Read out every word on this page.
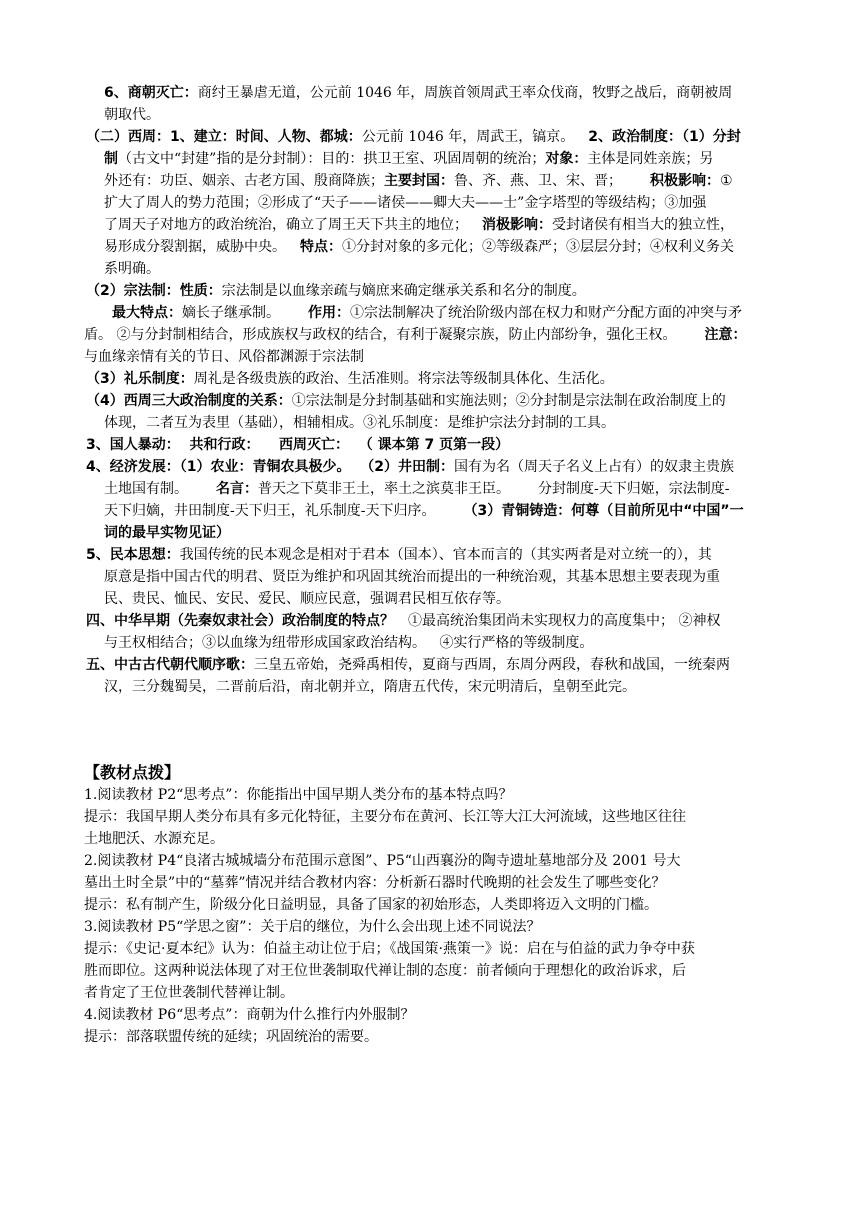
6、商朝灭亡：商纣王暴虐无道，公元前 1046 年，周族首领周武王率众伐商，牧野之战后，商朝被周
朝取代。
（二）西周：1、建立：时间、人物、都城：公元前 1046 年，周武王，镐京。 2、政治制度：（1）分封
制（古文中“封建”指的是分封制）：目的：拱卫王室、巩固周朝的统治；对象：主体是同姓亲族；另
外还有：功臣、姻亲、古老方国、殷商降族；主要封国：鲁、齐、燕、卫、宋、晋； 积极影响：①
扩大了周人的势力范围；②形成了“天子——诸侯——卿大夫——士”金字塔型的等级结构；③加强
了周天子对地方的政治统治，确立了周王天下共主的地位； 消极影响：受封诸侯有相当大的独立性，
易形成分裂割据，威胁中央。 特点：①分封对象的多元化；②等级森严；③层层分封；④权利义务关
系明确。
（2）宗法制：性质：宗法制是以血缘亲疏与嫡庶来确定继承关系和名分的制度。
最大特点：嫡长子继承制。 作用：①宗法制解决了统治阶级内部在权力和财产分配方面的冲突与矛
盾。 ②与分封制相结合，形成族权与政权的结合，有利于凝聚宗族，防止内部纷争，强化王权。 注意：
与血缘亲情有关的节日、风俗都渊源于宗法制
（3）礼乐制度：周礼是各级贵族的政治、生活准则。将宗法等级制具体化、生活化。
（4）西周三大政治制度的关系：①宗法制是分封制基础和实施法则；②分封制是宗法制在政治制度上的
体现，二者互为表里（基础），相辅相成。③礼乐制度：是维护宗法分封制的工具。
3、国人暴动：  共和行政：    西周灭亡：  （ 课本第 7 页第一段）
4、经济发展：（1）农业：青铜农具极少。  （2）井田制：国有为名（周天子名义上占有）的奴隶主贵族
土地国有制。 名言：普天之下莫非王土，率土之滨莫非王臣。 分封制度-天下归姬，宗法制度-
天下归嫡，井田制度-天下归王，礼乐制度-天下归序。 （3）青铜铸造：何尊（目前所见中“中国”一
词的最早实物见证）
5、民本思想：我国传统的民本观念是相对于君本（国本）、官本而言的（其实两者是对立统一的），其
原意是指中国古代的明君、贤臣为维护和巩固其统治而提出的一种统治观，其基本思想主要表现为重
民、贵民、恤民、安民、爱民、顺应民意，强调君民相互依存等。
四、中华早期（先秦奴隶社会）政治制度的特点？ ①最高统治集团尚未实现权力的高度集中； ②神权
与王权相结合；③以血缘为纽带形成国家政治结构。   ④实行严格的等级制度。
五、中古古代朝代顺序歌：三皇五帝始，尧舜禹相传，夏商与西周，东周分两段，春秋和战国，一统秦两
汉，三分魏蜀吴，二晋前后沿，南北朝并立，隋唐五代传，宋元明清后，皇朝至此完。
【教材点拨】
1.阅读教材 P2“思考点”：你能指出中国早期人类分布的基本特点吗？
提示：我国早期人类分布具有多元化特征，主要分布在黄河、长江等大江大河流域，这些地区往往
土地肥沃、水源充足。
2.阅读教材 P4“良渚古城城墙分布范围示意图”、P5“山西襄汾的陶寺遗址墓地部分及 2001 号大
墓出土时全景”中的“墓葬”情况并结合教材内容：分析新石器时代晚期的社会发生了哪些变化？
提示：私有制产生，阶级分化日益明显，具备了国家的初始形态，人类即将迈入文明的门槛。
3.阅读教材 P5“学思之窗”：关于启的继位，为什么会出现上述不同说法？
提示：《史记·夏本纪》认为：伯益主动让位于启；《战国策·燕策一》说：启在与伯益的武力争夺中获
胜而即位。这两种说法体现了对王位世袭制取代禅让制的态度：前者倾向于理想化的政治诉求，后
者肯定了王位世袭制代替禅让制。
4.阅读教材 P6“思考点”：商朝为什么推行内外服制？
提示：部落联盟传统的延续；巩固统治的需要。
